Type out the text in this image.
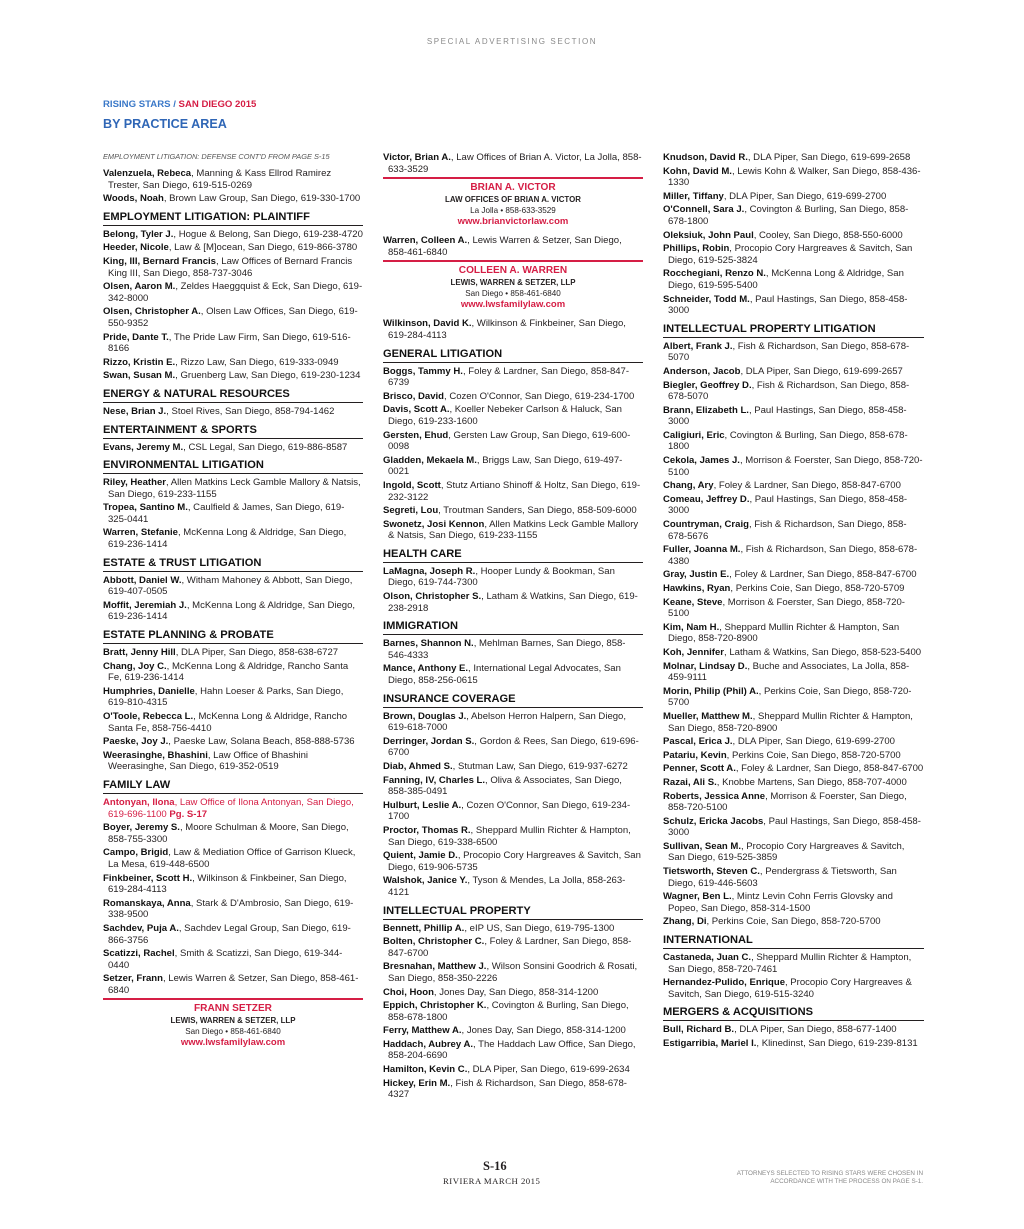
SPECIAL ADVERTISING SECTION
RISING STARS / SAN DIEGO 2015
BY PRACTICE AREA
EMPLOYMENT LITIGATION: DEFENSE CONT'D FROM PAGE S-15
Valenzuela, Rebeca, Manning & Kass Ellrod Ramirez Trester, San Diego, 619-515-0269
Woods, Noah, Brown Law Group, San Diego, 619-330-1700
EMPLOYMENT LITIGATION: PLAINTIFF
Belong, Tyler J., Hogue & Belong, San Diego, 619-238-4720
Heeder, Nicole, Law & [M]ocean, San Diego, 619-866-3780
King, III, Bernard Francis, Law Offices of Bernard Francis King III, San Diego, 858-737-3046
Olsen, Aaron M., Zeldes Haeggquist & Eck, San Diego, 619-342-8000
Olsen, Christopher A., Olsen Law Offices, San Diego, 619-550-9352
Pride, Dante T., The Pride Law Firm, San Diego, 619-516-8166
Rizzo, Kristin E., Rizzo Law, San Diego, 619-333-0949
Swan, Susan M., Gruenberg Law, San Diego, 619-230-1234
ENERGY & NATURAL RESOURCES
Nese, Brian J., Stoel Rives, San Diego, 858-794-1462
ENTERTAINMENT & SPORTS
Evans, Jeremy M., CSL Legal, San Diego, 619-886-8587
ENVIRONMENTAL LITIGATION
Riley, Heather, Allen Matkins Leck Gamble Mallory & Natsis, San Diego, 619-233-1155
Tropea, Santino M., Caulfield & James, San Diego, 619-325-0441
Warren, Stefanie, McKenna Long & Aldridge, San Diego, 619-236-1414
ESTATE & TRUST LITIGATION
Abbott, Daniel W., Witham Mahoney & Abbott, San Diego, 619-407-0505
Moffit, Jeremiah J., McKenna Long & Aldridge, San Diego, 619-236-1414
ESTATE PLANNING & PROBATE
Bratt, Jenny Hill, DLA Piper, San Diego, 858-638-6727
Chang, Joy C., McKenna Long & Aldridge, Rancho Santa Fe, 619-236-1414
Humphries, Danielle, Hahn Loeser & Parks, San Diego, 619-810-4315
O'Toole, Rebecca L., McKenna Long & Aldridge, Rancho Santa Fe, 858-756-4410
Paeske, Joy J., Paeske Law, Solana Beach, 858-888-5736
Weerasinghe, Bhashini, Law Office of Bhashini Weerasinghe, San Diego, 619-352-0519
FAMILY LAW
Antonyan, Ilona, Law Office of Ilona Antonyan, San Diego, 619-696-1100 Pg. S-17
Boyer, Jeremy S., Moore Schulman & Moore, San Diego, 858-755-3300
Campo, Brigid, Law & Mediation Office of Garrison Klueck, La Mesa, 619-448-6500
Finkbeiner, Scott H., Wilkinson & Finkbeiner, San Diego, 619-284-4113
Romanskaya, Anna, Stark & D'Ambrosio, San Diego, 619-338-9500
Sachdev, Puja A., Sachdev Legal Group, San Diego, 619-866-3756
Scatizzi, Rachel, Smith & Scatizzi, San Diego, 619-344-0440
Setzer, Frann, Lewis Warren & Setzer, San Diego, 858-461-6840
FRANN SETZER
LEWIS, WARREN & SETZER, LLP
San Diego • 858-461-6840
www.lwsfamilylaw.com
Victor, Brian A., Law Offices of Brian A. Victor, La Jolla, 858-633-3529
BRIAN A. VICTOR
LAW OFFICES OF BRIAN A. VICTOR
La Jolla • 858-633-3529
www.brianvictorlaw.com
Warren, Colleen A., Lewis Warren & Setzer, San Diego, 858-461-6840
COLLEEN A. WARREN
LEWIS, WARREN & SETZER, LLP
San Diego • 858-461-6840
www.lwsfamilylaw.com
Wilkinson, David K., Wilkinson & Finkbeiner, San Diego, 619-284-4113
GENERAL LITIGATION
Boggs, Tammy H., Foley & Lardner, San Diego, 858-847-6739
Brisco, David, Cozen O'Connor, San Diego, 619-234-1700
Davis, Scott A., Koeller Nebeker Carlson & Haluck, San Diego, 619-233-1600
Gersten, Ehud, Gersten Law Group, San Diego, 619-600-0098
Gladden, Mekaela M., Briggs Law, San Diego, 619-497-0021
Ingold, Scott, Stutz Artiano Shinoff & Holtz, San Diego, 619-232-3122
Segreti, Lou, Troutman Sanders, San Diego, 858-509-6000
Swonetz, Josi Kennon, Allen Matkins Leck Gamble Mallory & Natsis, San Diego, 619-233-1155
HEALTH CARE
LaMagna, Joseph R., Hooper Lundy & Bookman, San Diego, 619-744-7300
Olson, Christopher S., Latham & Watkins, San Diego, 619-238-2918
IMMIGRATION
Barnes, Shannon N., Mehlman Barnes, San Diego, 858-546-4333
Mance, Anthony E., International Legal Advocates, San Diego, 858-256-0615
INSURANCE COVERAGE
Brown, Douglas J., Abelson Herron Halpern, San Diego, 619-618-7000
Derringer, Jordan S., Gordon & Rees, San Diego, 619-696-6700
Diab, Ahmed S., Stutman Law, San Diego, 619-937-6272
Fanning, IV, Charles L., Oliva & Associates, San Diego, 858-385-0491
Hulburt, Leslie A., Cozen O'Connor, San Diego, 619-234-1700
Proctor, Thomas R., Sheppard Mullin Richter & Hampton, San Diego, 619-338-6500
Quient, Jamie D., Procopio Cory Hargreaves & Savitch, San Diego, 619-906-5735
Walshok, Janice Y., Tyson & Mendes, La Jolla, 858-263-4121
INTELLECTUAL PROPERTY
Bennett, Phillip A., eIP US, San Diego, 619-795-1300
Bolten, Christopher C., Foley & Lardner, San Diego, 858-847-6700
Bresnahan, Matthew J., Wilson Sonsini Goodrich & Rosati, San Diego, 858-350-2226
Choi, Hoon, Jones Day, San Diego, 858-314-1200
Eppich, Christopher K., Covington & Burling, San Diego, 858-678-1800
Ferry, Matthew A., Jones Day, San Diego, 858-314-1200
Haddach, Aubrey A., The Haddach Law Office, San Diego, 858-204-6690
Hamilton, Kevin C., DLA Piper, San Diego, 619-699-2634
Hickey, Erin M., Fish & Richardson, San Diego, 858-678-4327
Knudson, David R., DLA Piper, San Diego, 619-699-2658
Kohn, David M., Lewis Kohn & Walker, San Diego, 858-436-1330
Miller, Tiffany, DLA Piper, San Diego, 619-699-2700
O'Connell, Sara J., Covington & Burling, San Diego, 858-678-1800
Oleksiuk, John Paul, Cooley, San Diego, 858-550-6000
Phillips, Robin, Procopio Cory Hargreaves & Savitch, San Diego, 619-525-3824
Rocchegiani, Renzo N., McKenna Long & Aldridge, San Diego, 619-595-5400
Schneider, Todd M., Paul Hastings, San Diego, 858-458-3000
INTELLECTUAL PROPERTY LITIGATION
Albert, Frank J., Fish & Richardson, San Diego, 858-678-5070
Anderson, Jacob, DLA Piper, San Diego, 619-699-2657
Biegler, Geoffrey D., Fish & Richardson, San Diego, 858-678-5070
Brann, Elizabeth L., Paul Hastings, San Diego, 858-458-3000
Caligiuri, Eric, Covington & Burling, San Diego, 858-678-1800
Cekola, James J., Morrison & Foerster, San Diego, 858-720-5100
Chang, Ary, Foley & Lardner, San Diego, 858-847-6700
Comeau, Jeffrey D., Paul Hastings, San Diego, 858-458-3000
Countryman, Craig, Fish & Richardson, San Diego, 858-678-5676
Fuller, Joanna M., Fish & Richardson, San Diego, 858-678-4380
Gray, Justin E., Foley & Lardner, San Diego, 858-847-6700
Hawkins, Ryan, Perkins Coie, San Diego, 858-720-5709
Keane, Steve, Morrison & Foerster, San Diego, 858-720-5100
Kim, Nam H., Sheppard Mullin Richter & Hampton, San Diego, 858-720-8900
Koh, Jennifer, Latham & Watkins, San Diego, 858-523-5400
Molnar, Lindsay D., Buche and Associates, La Jolla, 858-459-9111
Morin, Philip (Phil) A., Perkins Coie, San Diego, 858-720-5700
Mueller, Matthew M., Sheppard Mullin Richter & Hampton, San Diego, 858-720-8900
Pascal, Erica J., DLA Piper, San Diego, 619-699-2700
Patariu, Kevin, Perkins Coie, San Diego, 858-720-5700
Penner, Scott A., Foley & Lardner, San Diego, 858-847-6700
Razai, Ali S., Knobbe Martens, San Diego, 858-707-4000
Roberts, Jessica Anne, Morrison & Foerster, San Diego, 858-720-5100
Schulz, Ericka Jacobs, Paul Hastings, San Diego, 858-458-3000
Sullivan, Sean M., Procopio Cory Hargreaves & Savitch, San Diego, 619-525-3859
Tietsworth, Steven C., Pendergrass & Tietsworth, San Diego, 619-446-5603
Wagner, Ben L., Mintz Levin Cohn Ferris Glovsky and Popeo, San Diego, 858-314-1500
Zhang, Di, Perkins Coie, San Diego, 858-720-5700
INTERNATIONAL
Castaneda, Juan C., Sheppard Mullin Richter & Hampton, San Diego, 858-720-7461
Hernandez-Pulido, Enrique, Procopio Cory Hargreaves & Savitch, San Diego, 619-515-3240
MERGERS & ACQUISITIONS
Bull, Richard B., DLA Piper, San Diego, 858-677-1400
Estigarribia, Mariel I., Klinedinst, San Diego, 619-239-8131
S-16
RIVIERA MARCH 2015
ATTORNEYS SELECTED TO RISING STARS WERE CHOSEN IN ACCORDANCE WITH THE PROCESS ON PAGE S-1.
